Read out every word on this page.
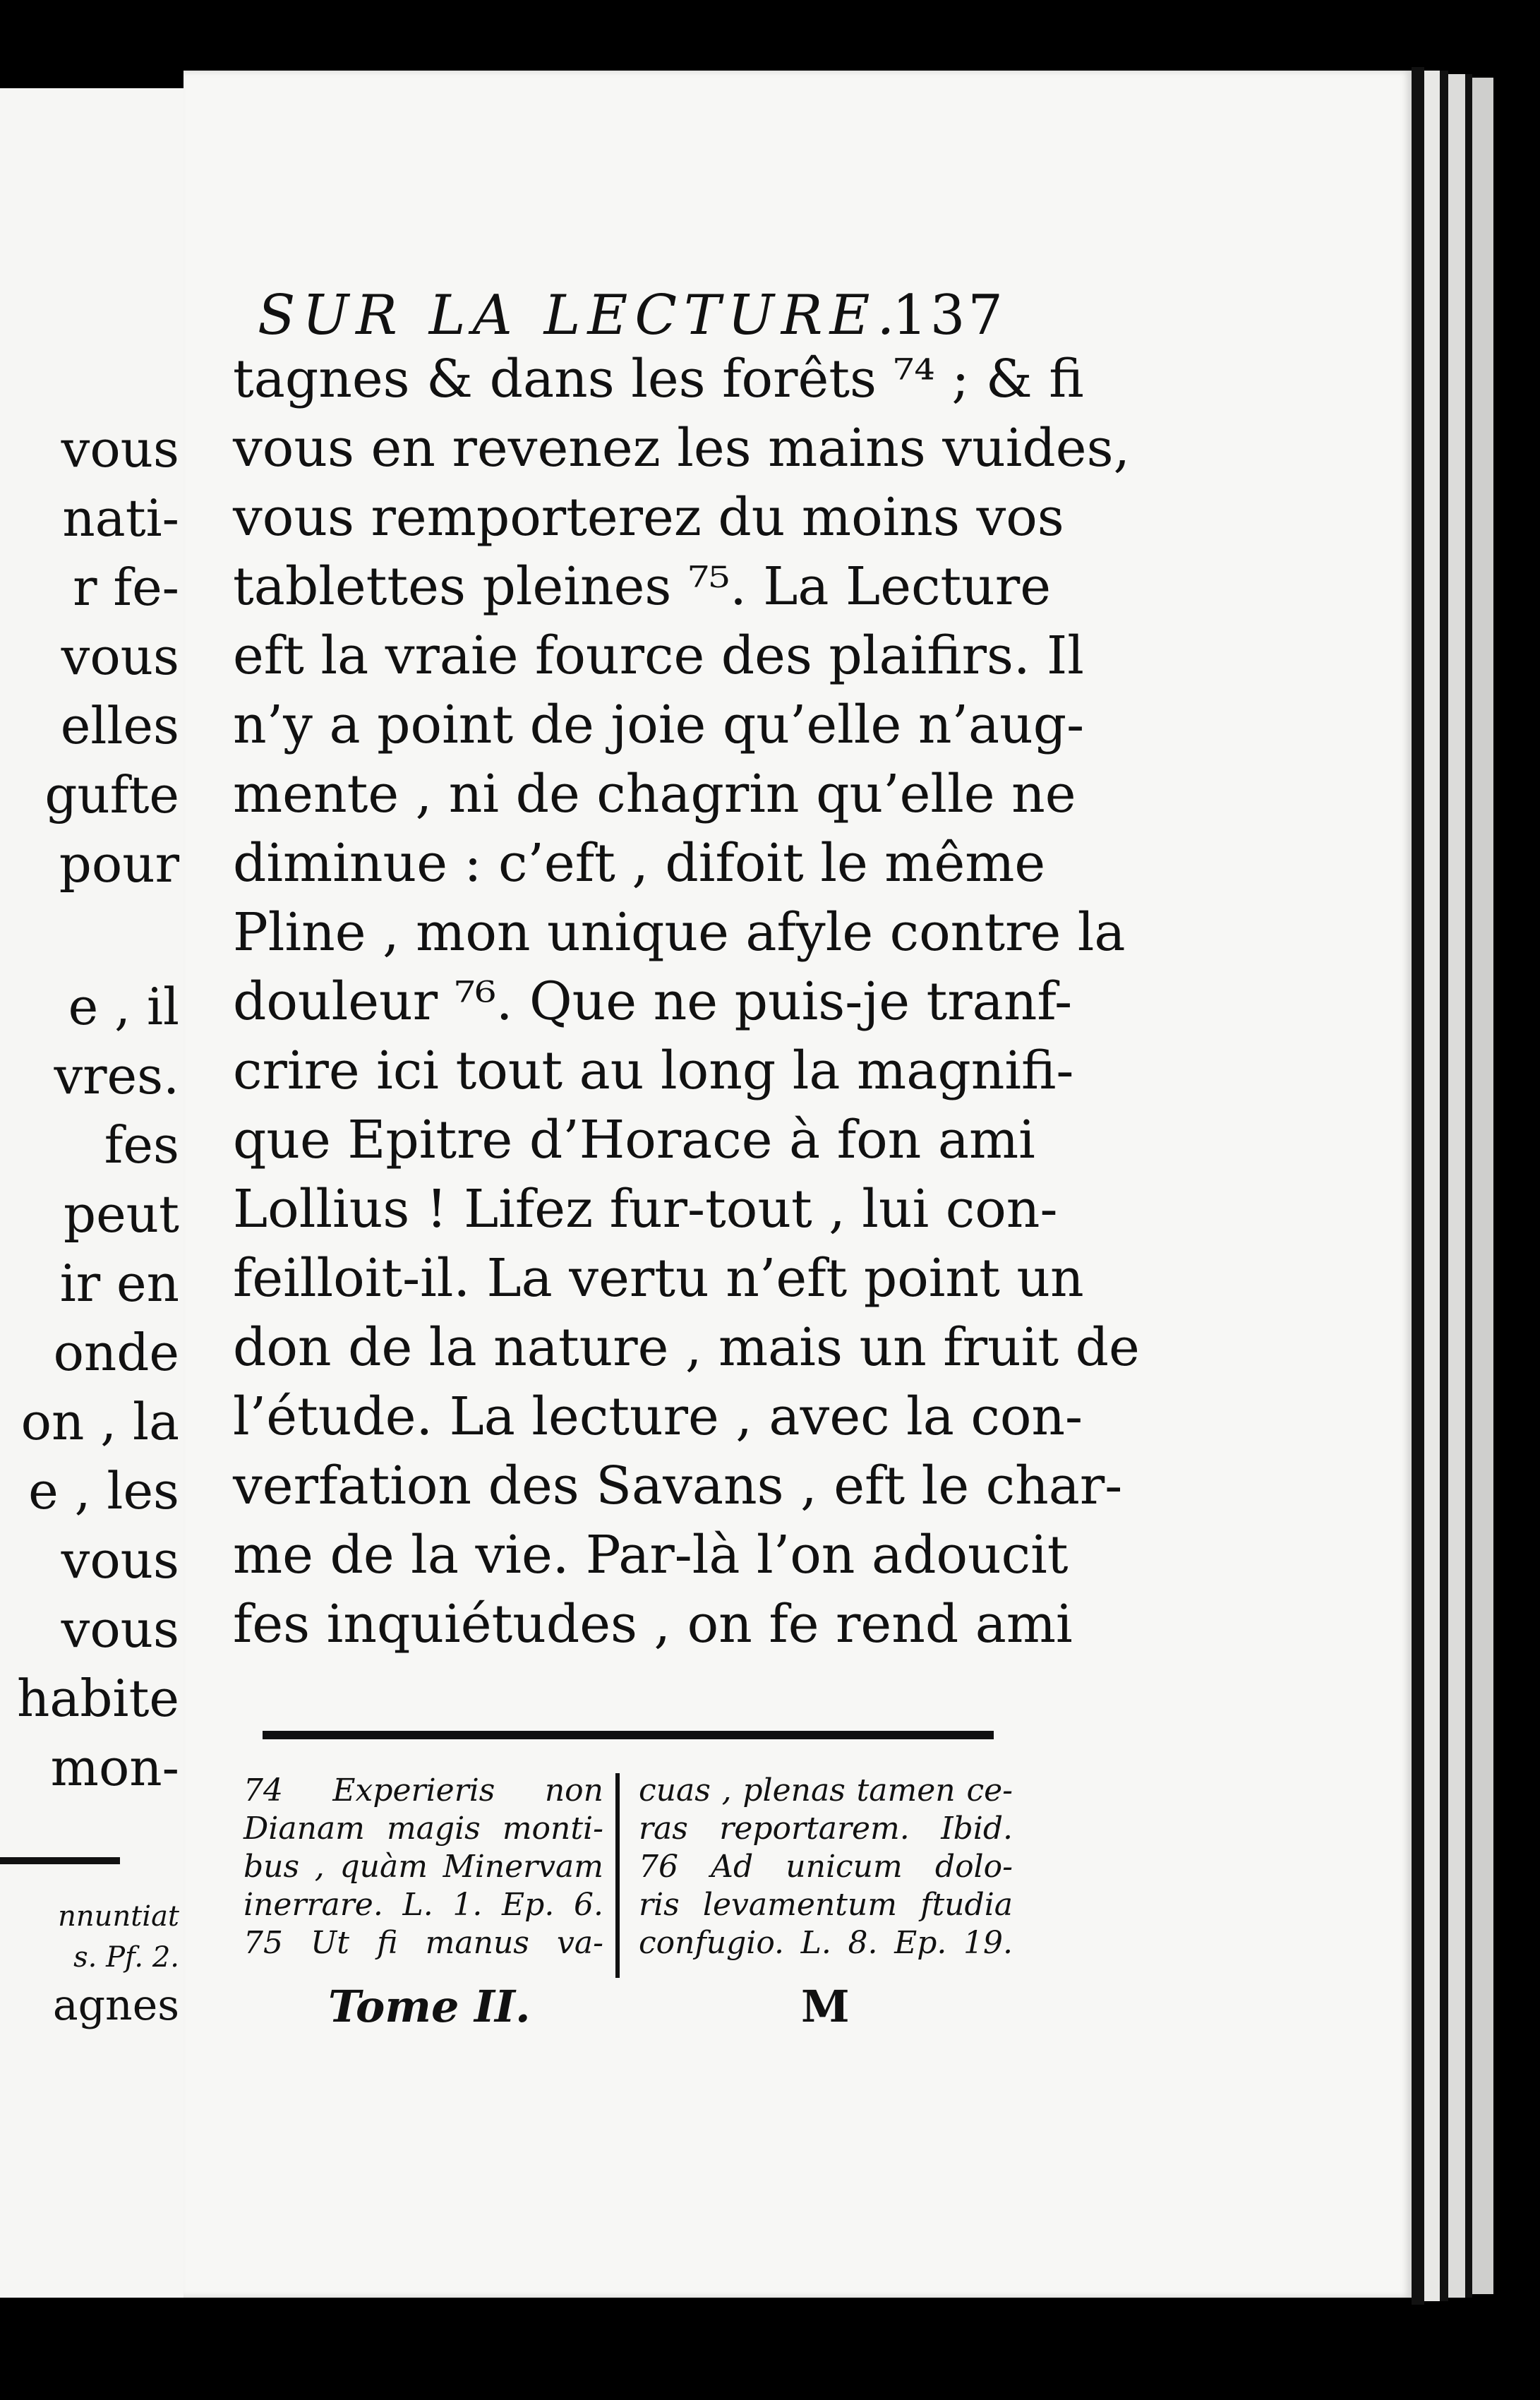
vous
nati-
r fe-
vous
elles
gufte
pour
e , il
vres.
fes
peut
ir en
onde
on , la
e , les
vous
vous
habite
mon-
nnuntiat
s. Pf. 2.
agnes
SUR LA LECTURE.
137
tagnes & dans les forêts ⁷⁴ ; & fi
vous en revenez les mains vuides,
vous remporterez du moins vos
tablettes pleines ⁷⁵. La Lecture
eft la vraie fource des plaifirs. Il
n’y a point de joie qu’elle n’aug-
mente , ni de chagrin qu’elle ne
diminue : c’eft , difoit le même
Pline , mon unique afyle contre la
douleur ⁷⁶. Que ne puis-je tranf-
crire ici tout au long la magnifi-
que Epitre d’Horace à fon ami
Lollius ! Lifez fur-tout , lui con-
feilloit-il. La vertu n’eft point un
don de la nature , mais un fruit de
l’étude. La lecture , avec la con-
verfation des Savans , eft le char-
me de la vie. Par-là l’on adoucit
fes inquiétudes , on fe rend ami
74 Experieris non
Dianam magis monti-
bus , quàm Minervam
inerrare. L. 1. Ep. 6.
75 Ut fi manus va-
cuas , plenas tamen ce-
ras reportarem. Ibid.
76 Ad unicum dolo-
ris levamentum ftudia
confugio. L. 8. Ep. 19.
Tome II.	M
